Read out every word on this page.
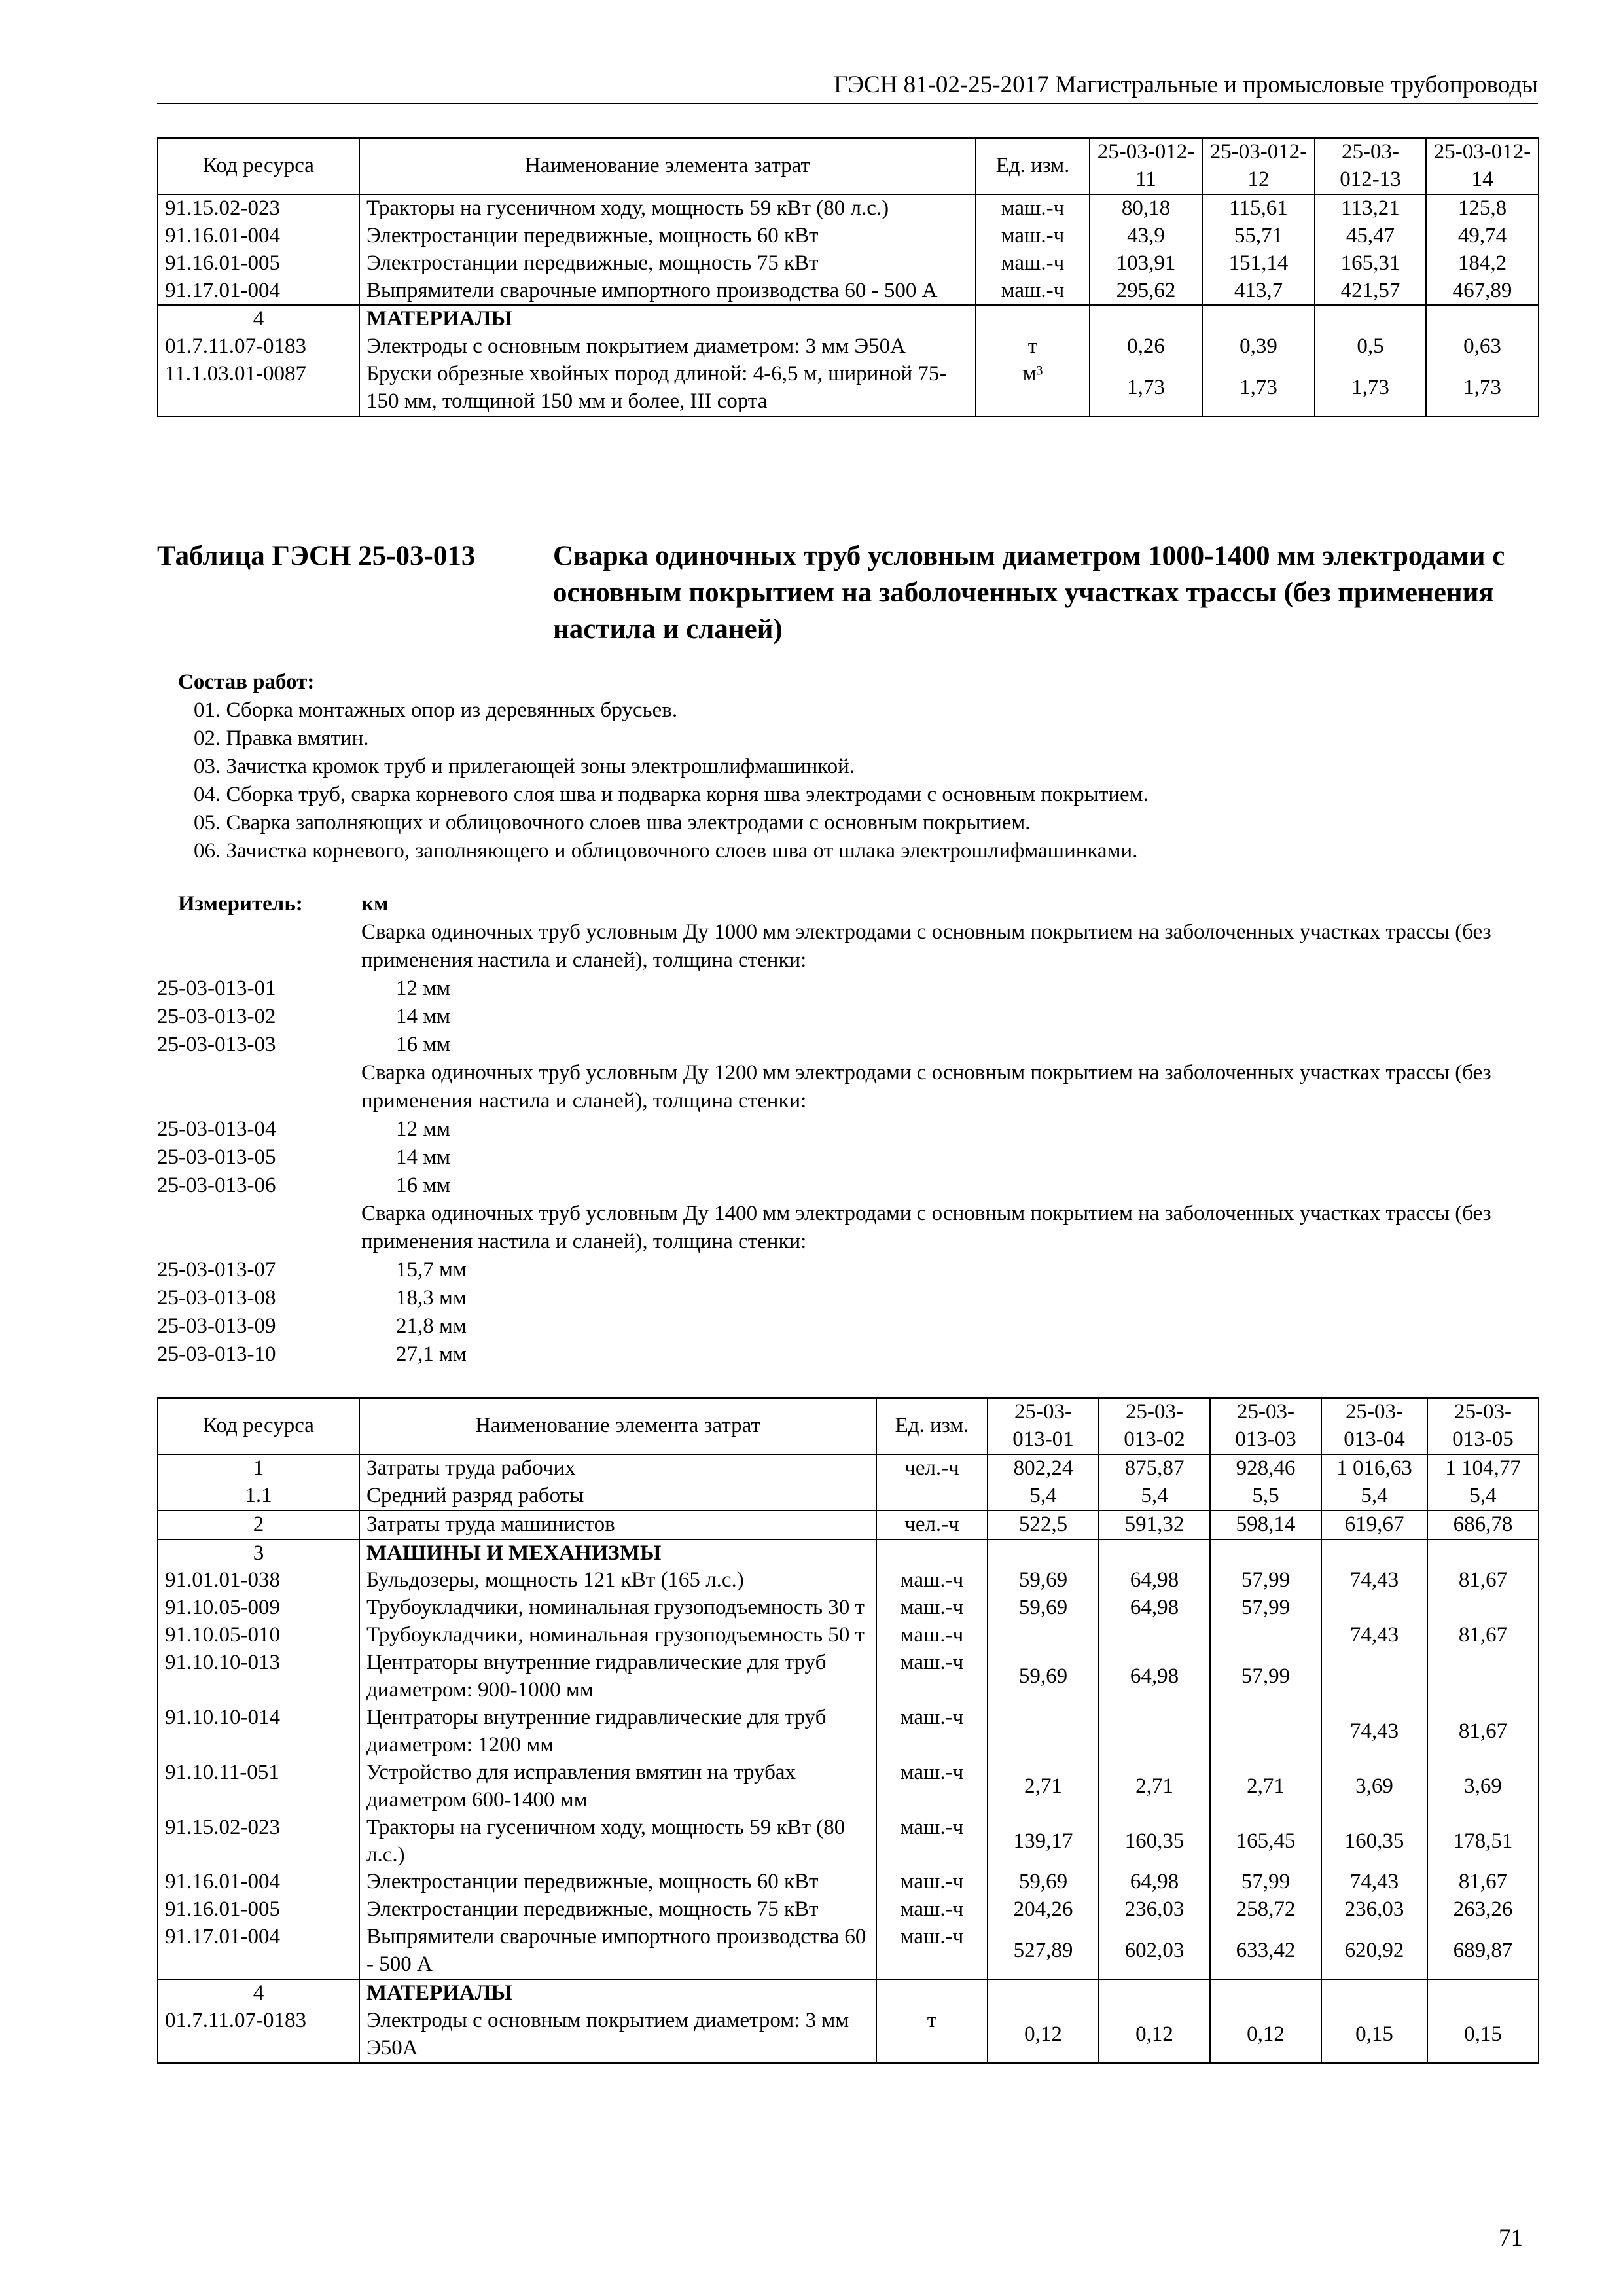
ГЭСН 81-02-25-2017 Магистральные и промысловые трубопроводы
Код ресурса	Наименование элемента затрат	Ед. изм.	25-03-012-11	25-03-012-12	25-03-012-13	25-03-012-14
91.15.02-023	Тракторы на гусеничном ходу, мощность 59 кВт (80 л.с.)	маш.-ч	80,18	115,61	113,21	125,8
91.16.01-004	Электростанции передвижные, мощность 60 кВт	маш.-ч	43,9	55,71	45,47	49,74
91.16.01-005	Электростанции передвижные, мощность 75 кВт	маш.-ч	103,91	151,14	165,31	184,2
91.17.01-004	Выпрямители сварочные импортного производства 60 - 500 А	маш.-ч	295,62	413,7	421,57	467,89
4	МАТЕРИАЛЫ					
01.7.11.07-0183	Электроды с основным покрытием диаметром: 3 мм Э50А	т	0,26	0,39	0,5	0,63
11.1.03.01-0087	Бруски обрезные хвойных пород длиной: 4-6,5 м, шириной 75-150 мм, толщиной 150 мм и более, III сорта	м³	1,73	1,73	1,73	1,73
Таблица ГЭСН 25-03-013	Сварка одиночных труб условным диаметром 1000-1400 мм электродами с основным покрытием на заболоченных участках трассы (без применения настила и сланей)
Состав работ:
01. Сборка монтажных опор из деревянных брусьев.
02. Правка вмятин.
03. Зачистка кромок труб и прилегающей зоны электрошлифмашинкой.
04. Сборка труб, сварка корневого слоя шва и подварка корня шва электродами с основным покрытием.
05. Сварка заполняющих и облицовочного слоев шва электродами с основным покрытием.
06. Зачистка корневого, заполняющего и облицовочного слоев шва от шлака электрошлифмашинками.
Измеритель:	км
Сварка одиночных труб условным Ду 1000 мм электродами с основным покрытием на заболоченных участках трассы (без применения настила и сланей), толщина стенки:
25-03-013-01	12 мм
25-03-013-02	14 мм
25-03-013-03	16 мм
Сварка одиночных труб условным Ду 1200 мм электродами с основным покрытием на заболоченных участках трассы (без применения настила и сланей), толщина стенки:
25-03-013-04	12 мм
25-03-013-05	14 мм
25-03-013-06	16 мм
Сварка одиночных труб условным Ду 1400 мм электродами с основным покрытием на заболоченных участках трассы (без применения настила и сланей), толщина стенки:
25-03-013-07	15,7 мм
25-03-013-08	18,3 мм
25-03-013-09	21,8 мм
25-03-013-10	27,1 мм
Код ресурса	Наименование элемента затрат	Ед. изм.	25-03-013-01	25-03-013-02	25-03-013-03	25-03-013-04	25-03-013-05
1	Затраты труда рабочих	чел.-ч	802,24	875,87	928,46	1 016,63	1 104,77
1.1	Средний разряд работы		5,4	5,4	5,5	5,4	5,4
2	Затраты труда машинистов	чел.-ч	522,5	591,32	598,14	619,67	686,78
3	МАШИНЫ И МЕХАНИЗМЫ						
91.01.01-038	Бульдозеры, мощность 121 кВт (165 л.с.)	маш.-ч	59,69	64,98	57,99	74,43	81,67
91.10.05-009	Трубоукладчики, номинальная грузоподъемность 30 т	маш.-ч	59,69	64,98	57,99		
91.10.05-010	Трубоукладчики, номинальная грузоподъемность 50 т	маш.-ч				74,43	81,67
91.10.10-013	Центраторы внутренние гидравлические для труб диаметром: 900-1000 мм	маш.-ч	59,69	64,98	57,99		
91.10.10-014	Центраторы внутренние гидравлические для труб диаметром: 1200 мм	маш.-ч				74,43	81,67
91.10.11-051	Устройство для исправления вмятин на трубах диаметром 600-1400 мм	маш.-ч	2,71	2,71	2,71	3,69	3,69
91.15.02-023	Тракторы на гусеничном ходу, мощность 59 кВт (80 л.с.)	маш.-ч	139,17	160,35	165,45	160,35	178,51
91.16.01-004	Электростанции передвижные, мощность 60 кВт	маш.-ч	59,69	64,98	57,99	74,43	81,67
91.16.01-005	Электростанции передвижные, мощность 75 кВт	маш.-ч	204,26	236,03	258,72	236,03	263,26
91.17.01-004	Выпрямители сварочные импортного производства 60 - 500 А	маш.-ч	527,89	602,03	633,42	620,92	689,87
4	МАТЕРИАЛЫ						
01.7.11.07-0183	Электроды с основным покрытием диаметром: 3 мм Э50А	т	0,12	0,12	0,12	0,15	0,15
71
